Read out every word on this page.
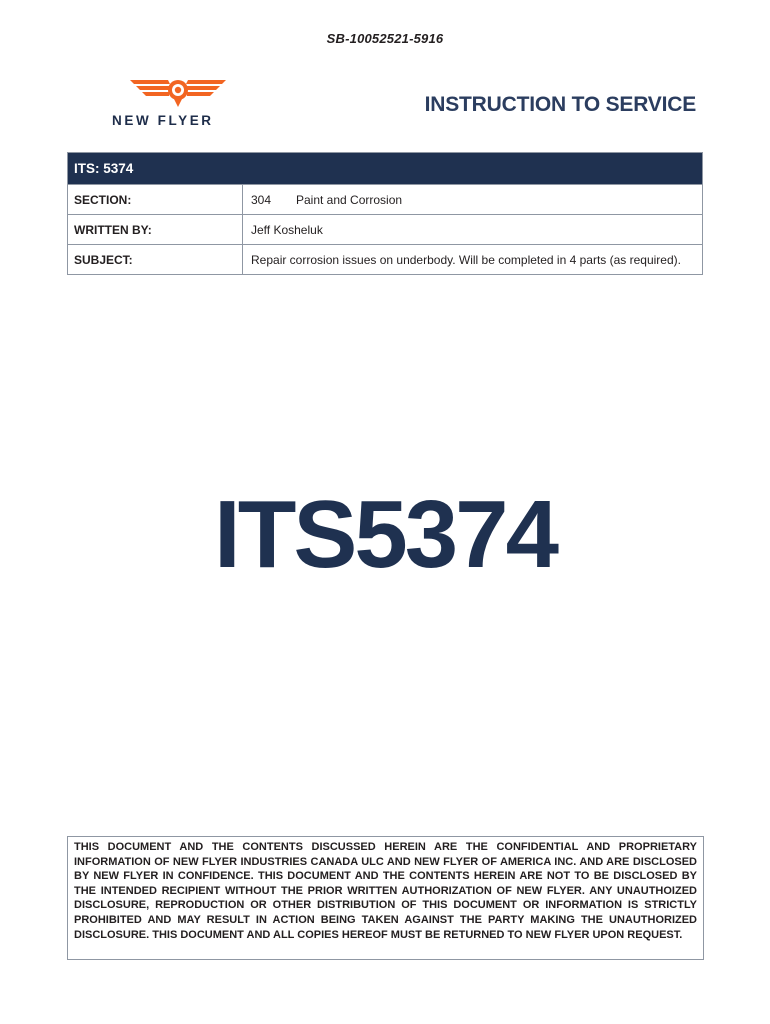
SB-10052521-5916
NEW FLYER
INSTRUCTION TO SERVICE
ITS: 5374
SECTION:	304	Paint and Corrosion
WRITTEN BY:	Jeff Kosheluk
SUBJECT:	Repair corrosion issues on underbody. Will be completed in 4 parts (as required).
ITS5374
THIS DOCUMENT AND THE CONTENTS DISCUSSED HEREIN ARE THE CONFIDENTIAL AND PROPRIETARY INFORMATION OF NEW FLYER INDUSTRIES CANADA ULC AND NEW FLYER OF AMERICA INC. AND ARE DISCLOSED BY NEW FLYER IN CONFIDENCE. THIS DOCUMENT AND THE CONTENTS HEREIN ARE NOT TO BE DISCLOSED BY THE INTENDED RECIPIENT WITHOUT THE PRIOR WRITTEN AUTHORIZATION OF NEW FLYER. ANY UNAUTHOIZED DISCLOSURE, REPRODUCTION OR OTHER DISTRIBUTION OF THIS DOCUMENT OR INFORMATION IS STRICTLY PROHIBITED AND MAY RESULT IN ACTION BEING TAKEN AGAINST THE PARTY MAKING THE UNAUTHORIZED DISCLOSURE. THIS DOCUMENT AND ALL COPIES HEREOF MUST BE RETURNED TO NEW FLYER UPON REQUEST.
